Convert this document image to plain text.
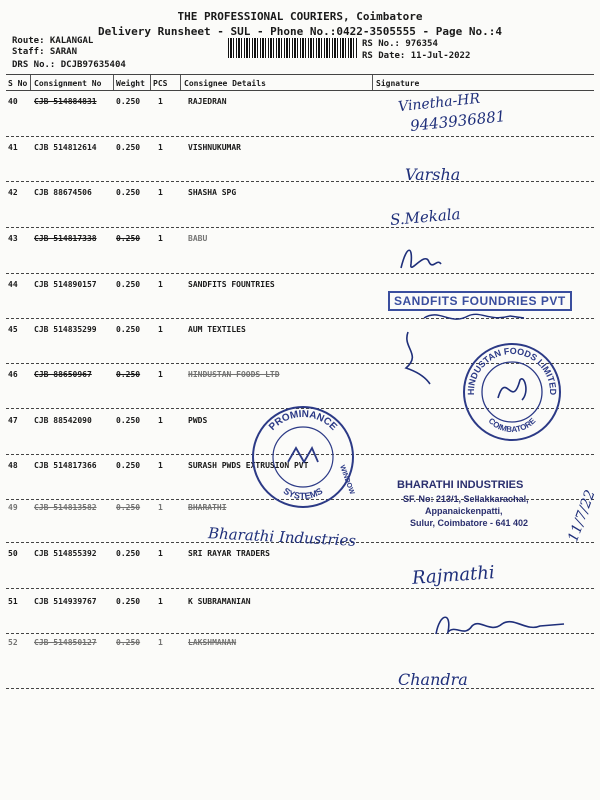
THE PROFESSIONAL COURIERS, Coimbatore
Delivery Runsheet - SUL - Phone No.:0422-3505555 - Page No.:4
Route: KALANGAL
Staff: SARAN
DRS No.: DCJB97635404
RS No.: 976354
RS Date: 11-Jul-2022
S No Consignment No Weight PCS Consignee Details	Signature
40 CJB 514884831 0.250 1	RAJEDRAN
41 CJB 514812614 0.250 1	VISHNUKUMAR
42 CJB 88674506	0.250 1	SHASHA SPG
43 CJB 514817338 0.250 1	BABU
44 CJB 514890157 0.250 1	SANDFITS FOUNTRIES
45 CJB 514835299 0.250 1	AUM TEXTILES
46 CJB 88650967	0.250 1	HINDUSTAN FOODS LTD
47 CJB 88542090	0.250 1	PWDS
48 CJB 514817366 0.250 1	SURASH PWDS EXTRUSION PVT
49 CJB 514813582 0.250 1	BHARATHI
50 CJB 514855392 0.250 1	SRI RAYAR TRADERS
51 CJB 514939767 0.250 1	K SUBRAMANIAN
52 CJB 514850127 0.250 1	LAKSHMANAN
Vinetha-HR
9443936881
Varsha
S.Mekala
SANDFITS FOUNDRIES PVT
HINDUSTAN FOODS LIMITED
COIMBATORE
PROMINANCE
SYSTEMS WINDOW	BHARATHI INDUSTRIES
SF. No: 213/1, Sellakkarachal,
Appanaickenpatti,
Sulur, Coimbatore - 641 402	11/7/22
Bharathi Industries
Rajmathi
Chandra
